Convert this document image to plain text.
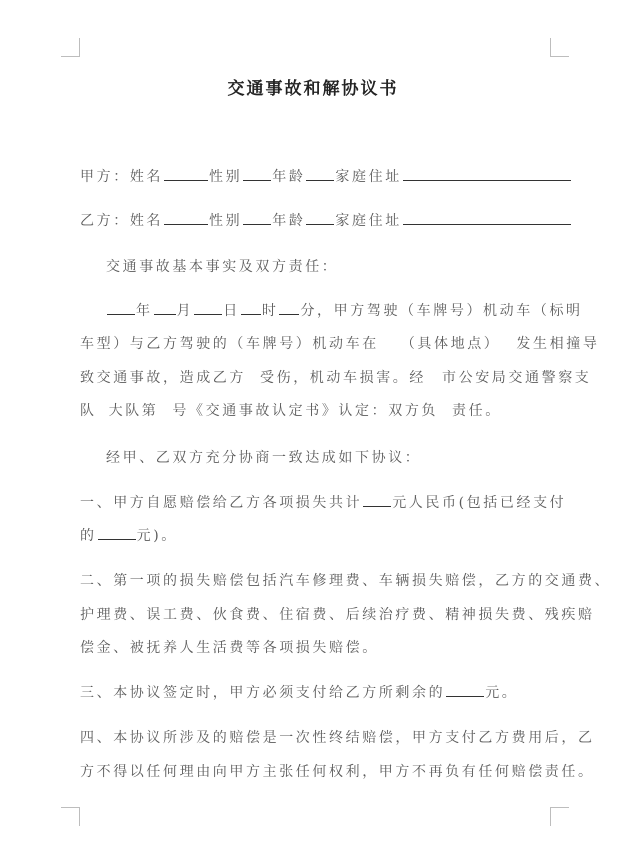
交通事故和解协议书
甲方：姓名	性别 年龄 家庭住址
乙方：姓名	性别 年龄 家庭住址
交通事故基本事实及双方责任：
年 月 日 时 分，甲方驾驶（车牌号）机动车（标明
车型）与乙方驾驶的（车牌号）机动车在 （具体地点） 发生相撞导
致交通事故，造成乙方 受伤，机动车损害。经 市公安局交通警察支
队 大队第 号《交通事故认定书》认定：双方负 责任。
经甲、乙双方充分协商一致达成如下协议：
一、甲方自愿赔偿给乙方各项损失共计 元人民币(包括已经支付
的	元)。
二、第一项的损失赔偿包括汽车修理费、车辆损失赔偿，乙方的交通费、
护理费、误工费、伙食费、住宿费、后续治疗费、精神损失费、残疾赔
偿金、被抚养人生活费等各项损失赔偿。
三、本协议签定时，甲方必须支付给乙方所剩余的	元。
四、本协议所涉及的赔偿是一次性终结赔偿，甲方支付乙方费用后，乙
方不得以任何理由向甲方主张任何权利，甲方不再负有任何赔偿责任。
